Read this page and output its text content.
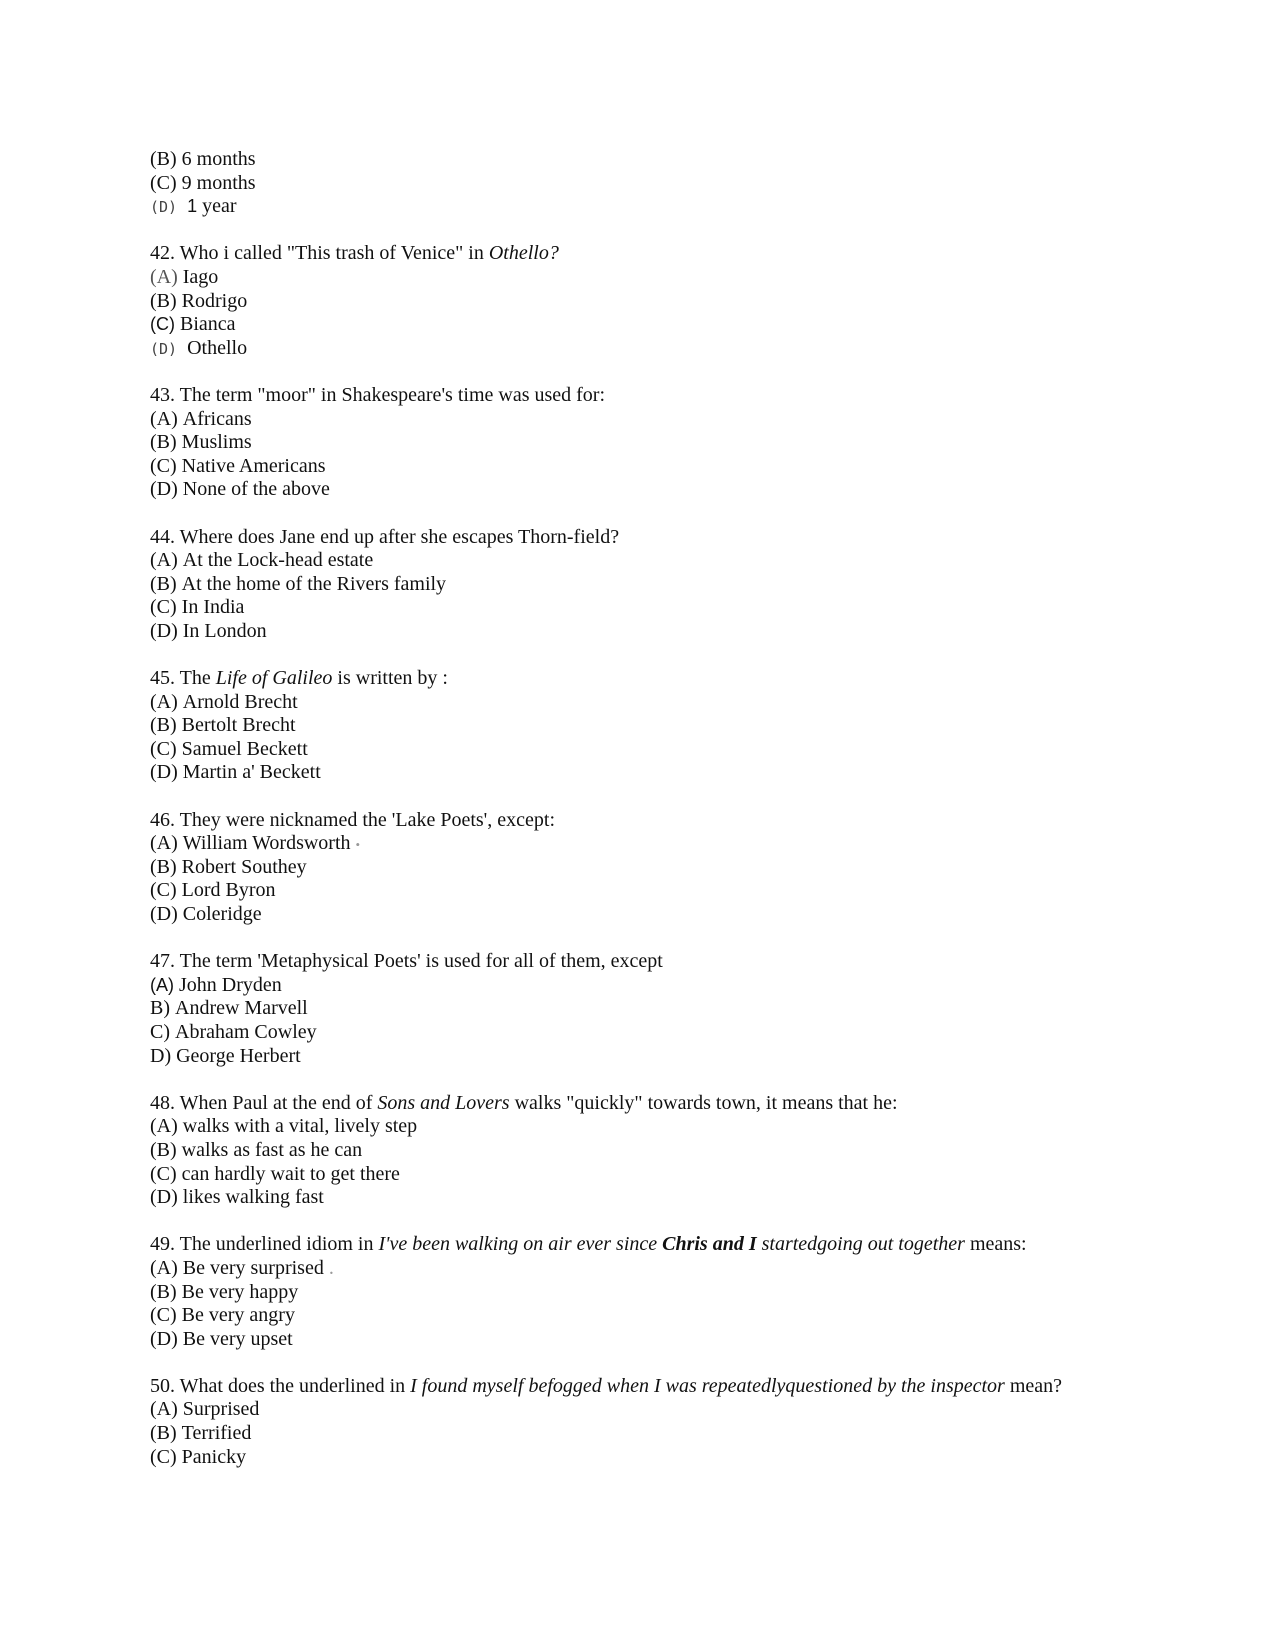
(B) 6 months
(C) 9 months
(D) 1 year
42. Who i called "This trash of Venice" in Othello?
(A) Iago
(B) Rodrigo
(C) Bianca
(D) Othello
43. The term "moor" in Shakespeare's time was used for:
(A) Africans
(B) Muslims
(C) Native Americans
(D) None of the above
44. Where does Jane end up after she escapes Thorn-field?
(A) At the Lock-head estate
(B) At the home of the Rivers family
(C) In India
(D) In London
45. The Life of Galileo is written by :
(A) Arnold Brecht
(B) Bertolt Brecht
(C) Samuel Beckett
(D) Martin a' Beckett
46. They were nicknamed the 'Lake Poets', except:
(A) William Wordsworth •
(B) Robert Southey
(C) Lord Byron
(D) Coleridge
47. The term 'Metaphysical Poets' is used for all of them, except
(A) John Dryden
B) Andrew Marvell
C) Abraham Cowley
D) George Herbert
48. When Paul at the end of Sons and Lovers walks "quickly" towards town, it means that he:
(A) walks with a vital, lively step
(B) walks as fast as he can
(C) can hardly wait to get there
(D) likes walking fast
49. The underlined idiom in I've been walking on air ever since Chris and I startedgoing out together means:
(A) Be very surprised .
(B) Be very happy
(C) Be very angry
(D) Be very upset
50. What does the underlined in I found myself befogged when I was repeatedlyquestioned by the inspector mean?
(A) Surprised
(B) Terrified
(C) Panicky
